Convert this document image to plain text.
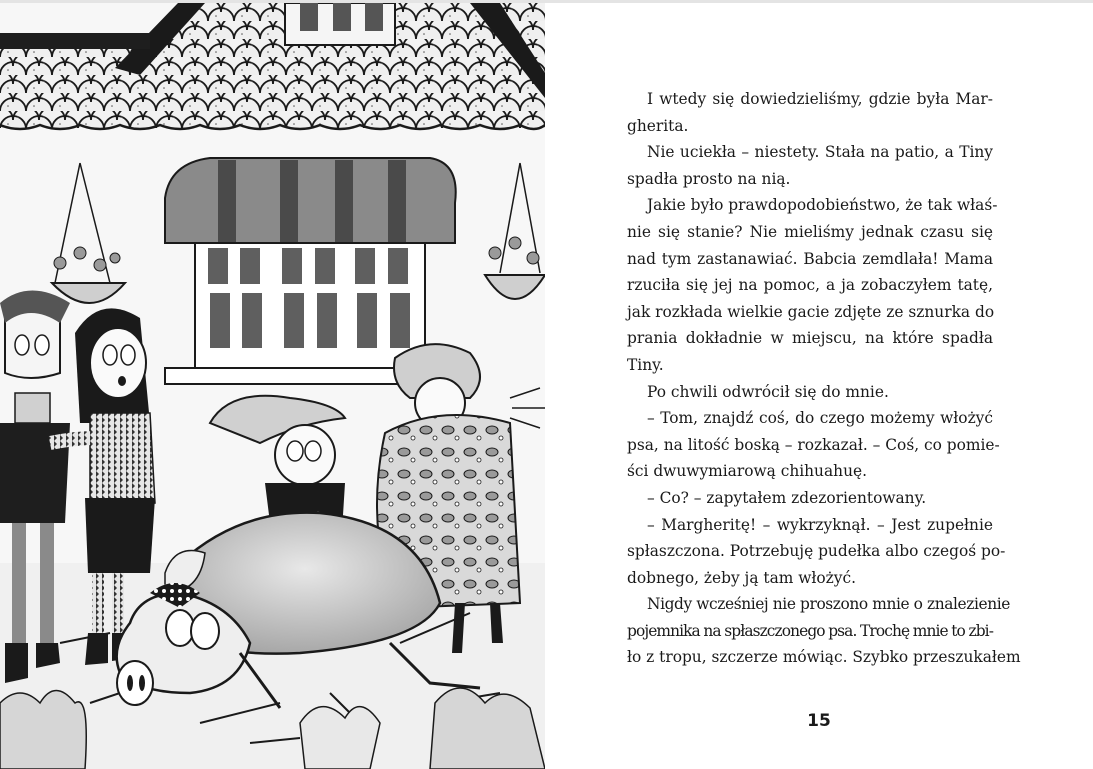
I wtedy się dowiedzieliśmy, gdzie była Mar-
gherita.
Nie uciekła – niestety. Stała na patio, a Tiny
spadła prosto na nią.
Jakie było prawdopodobieństwo, że tak właś-
nie się stanie? Nie mieliśmy jednak czasu się
nad tym zastanawiać. Babcia zemdlała! Mama
rzuciła się jej na pomoc, a ja zobaczyłem tatę,
jak rozkłada wielkie gacie zdjęte ze sznurka do
prania dokładnie w miejscu, na które spadła
Tiny.
Po chwili odwrócił się do mnie.
– Tom, znajdź coś, do czego możemy włożyć
psa, na litość boską – rozkazał. – Coś, co pomie-
ści dwuwymiarową chihuahuę.
– Co? – zapytałem zdezorientowany.
– Margheritę! – wykrzyknął. – Jest zupełnie
spłaszczona. Potrzebuję pudełka albo czegoś po-
dobnego, żeby ją tam włożyć.
Nigdy wcześniej nie proszono mnie o znalezienie
pojemnika na spłaszczonego psa. Trochę mnie to zbi-
ło z tropu, szczerze mówiąc. Szybko przeszukałem
15
